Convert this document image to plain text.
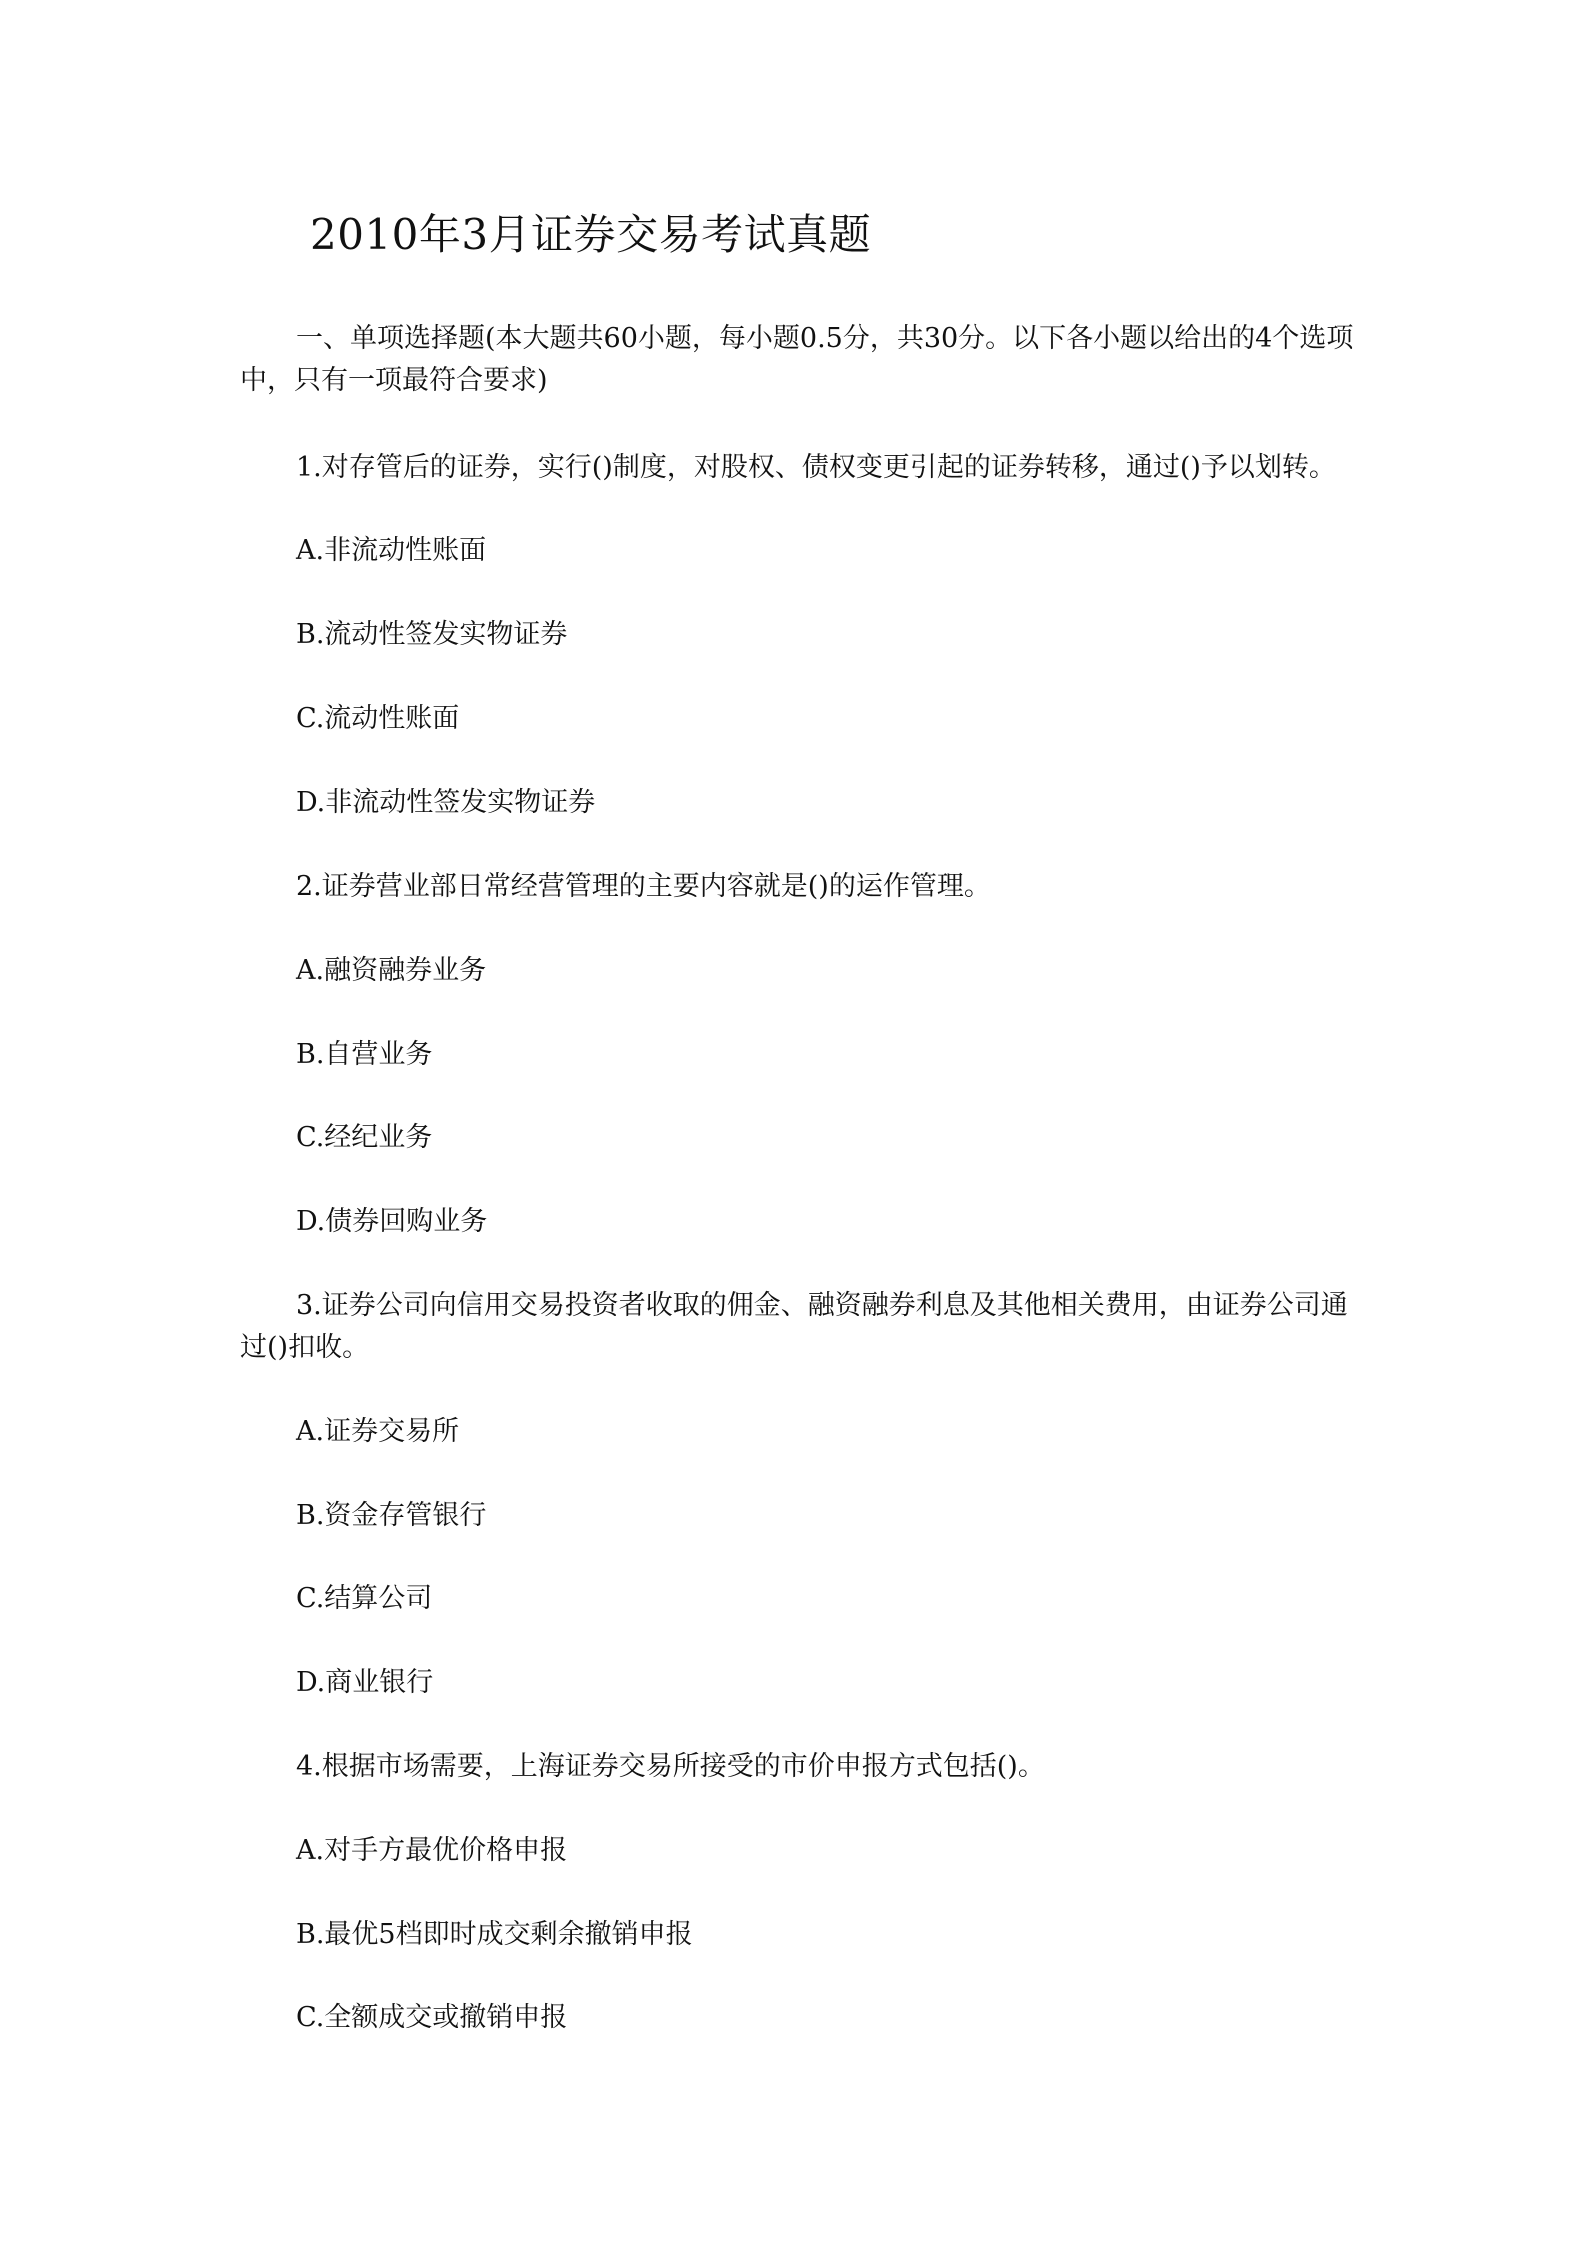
2010年3月证券交易考试真题

一、单项选择题(本大题共60小题，每小题0.5分，共30分。以下各小题以给出的4个选项中，只有一项最符合要求)

1.对存管后的证券，实行()制度，对股权、债权变更引起的证券转移，通过()予以划转。

A.非流动性账面

B.流动性签发实物证券

C.流动性账面

D.非流动性签发实物证券

2.证券营业部日常经营管理的主要内容就是()的运作管理。

A.融资融券业务

B.自营业务

C.经纪业务

D.债券回购业务

3.证券公司向信用交易投资者收取的佣金、融资融券利息及其他相关费用，由证券公司通过()扣收。

A.证券交易所

B.资金存管银行

C.结算公司

D.商业银行

4.根据市场需要，上海证券交易所接受的市价申报方式包括()。

A.对手方最优价格申报

B.最优5档即时成交剩余撤销申报

C.全额成交或撤销申报
